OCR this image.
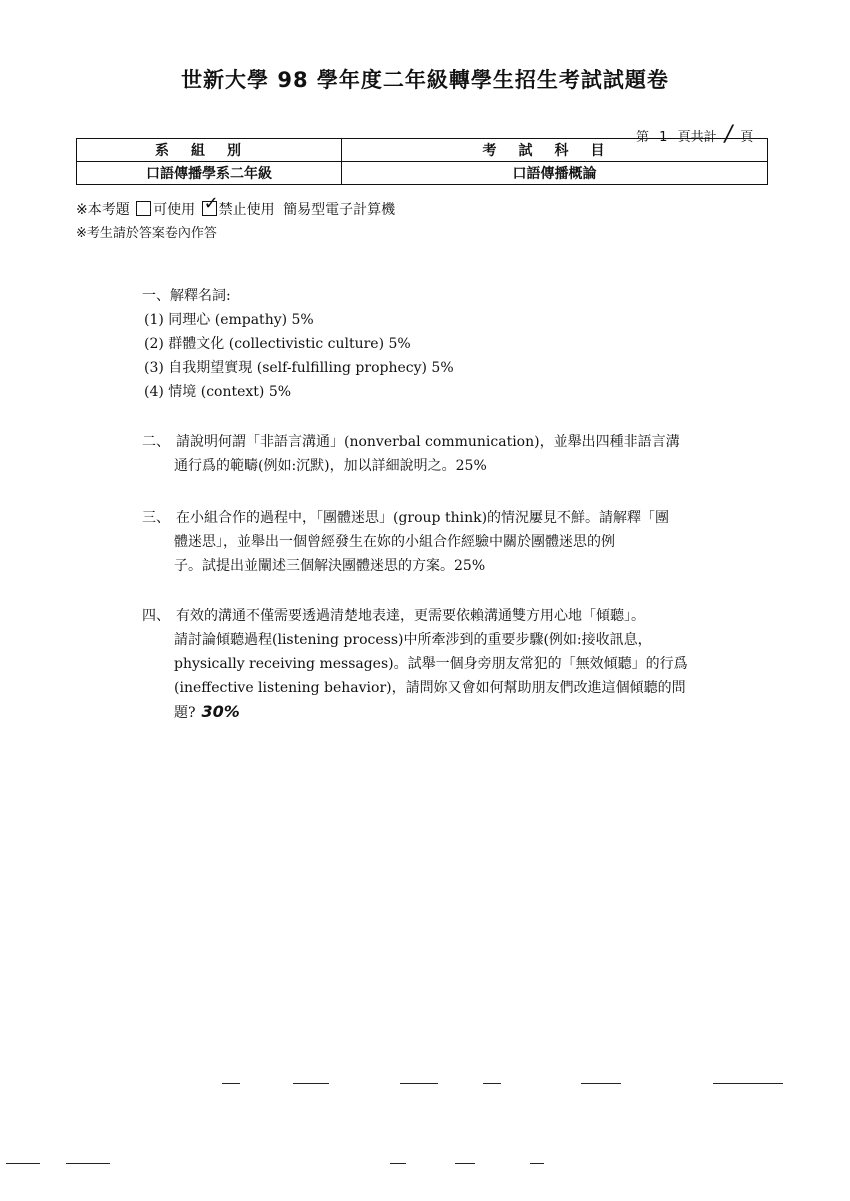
世新大學 98 學年度二年級轉學生招生考試試題卷
第 1 頁共計 / 頁
系組別	考試科目
口語傳播學系二年級	口語傳播概論
※本考題 可使用 ✓ 禁止使用 簡易型電子計算機
※考生請於答案卷內作答
一、解釋名詞:
(1) 同理心 (empathy) 5%
(2) 群體文化 (collectivistic culture) 5%
(3) 自我期望實現 (self-fulfilling prophecy) 5%
(4) 情境 (context) 5%
二、 請說明何謂「非語言溝通」(nonverbal communication)，並舉出四種非語言溝
通行爲的範疇(例如:沉默)，加以詳細說明之。25%
三、 在小組合作的過程中，「團體迷思」(group think)的情況屢見不鮮。請解釋「團
體迷思」，並舉出一個曾經發生在妳的小組合作經驗中關於團體迷思的例
子。試提出並闡述三個解決團體迷思的方案。25%
四、 有效的溝通不僅需要透過清楚地表達，更需要依賴溝通雙方用心地「傾聽」。
請討論傾聽過程(listening process)中所牽涉到的重要步驟(例如:接收訊息，
physically receiving messages)。試舉一個身旁朋友常犯的「無效傾聽」的行爲
(ineffective listening behavior)，請問妳又會如何幫助朋友們改進這個傾聽的問
題? 30%
